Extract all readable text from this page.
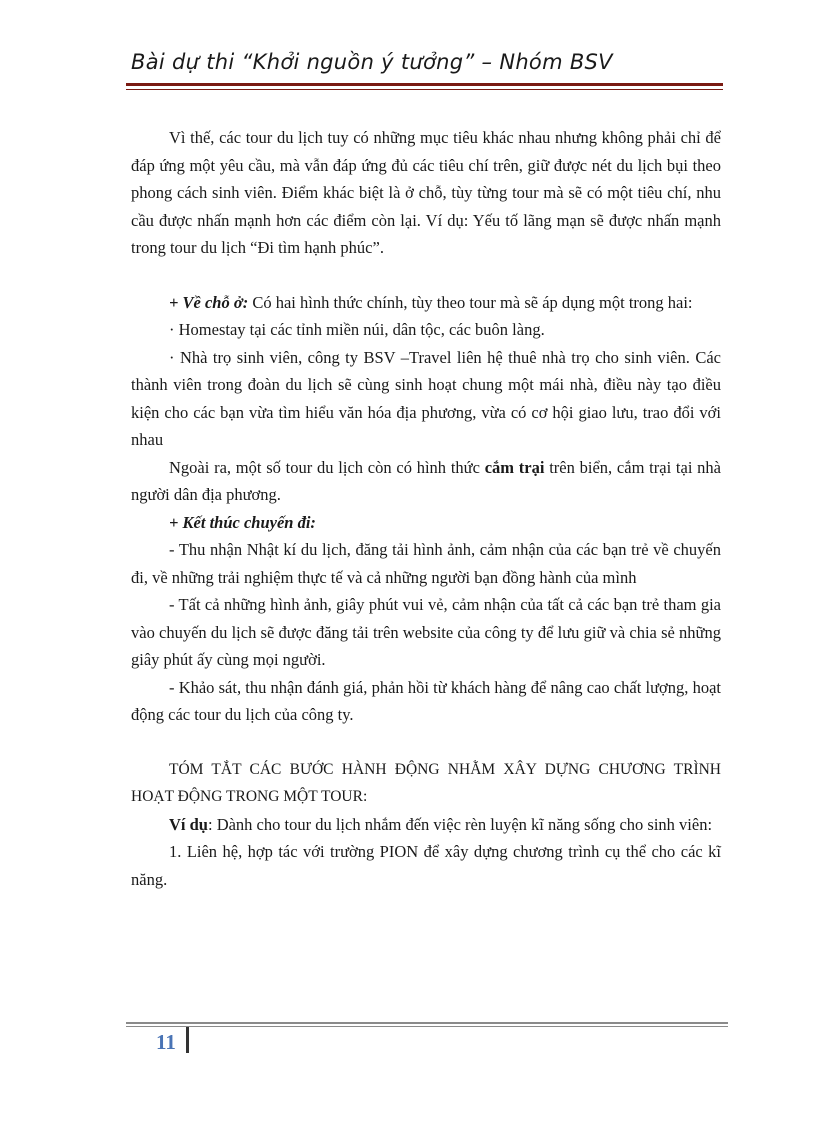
Bài dự thi “Khởi nguồn ý tưởng” – Nhóm BSV

Vì thế, các tour du lịch tuy có những mục tiêu khác nhau nhưng không phải chỉ để đáp ứng một yêu cầu, mà vẫn đáp ứng đủ các tiêu chí trên, giữ được nét du lịch bụi theo phong cách sinh viên. Điểm khác biệt là ở chỗ, tùy từng tour mà sẽ có một tiêu chí, nhu cầu được nhấn mạnh hơn các điểm còn lại. Ví dụ: Yếu tố lãng mạn sẽ được nhấn mạnh trong tour du lịch “Đi tìm hạnh phúc”.

+ Về chỗ ở: Có hai hình thức chính, tùy theo tour mà sẽ áp dụng một trong hai:

· Homestay tại các tỉnh miền núi, dân tộc, các buôn làng.

· Nhà trọ sinh viên, công ty BSV –Travel liên hệ thuê nhà trọ cho sinh viên. Các thành viên trong đoàn du lịch sẽ cùng sinh hoạt chung một mái nhà, điều này tạo điều kiện cho các bạn vừa tìm hiểu văn hóa địa phương, vừa có cơ hội giao lưu, trao đổi với nhau

Ngoài ra, một số tour du lịch còn có hình thức cắm trại trên biển, cắm trại tại nhà người dân địa phương.

+ Kết thúc chuyến đi:

- Thu nhận Nhật kí du lịch, đăng tải hình ảnh, cảm nhận của các bạn trẻ về chuyến đi, về những trải nghiệm thực tế và cả những người bạn đồng hành của mình

- Tất cả những hình ảnh, giây phút vui vẻ, cảm nhận của tất cả các bạn trẻ tham gia vào chuyến du lịch sẽ được đăng tải trên website của công ty để lưu giữ và chia sẻ những giây phút ấy cùng mọi người.

- Khảo sát, thu nhận đánh giá, phản hồi từ khách hàng để nâng cao chất lượng, hoạt động các tour du lịch của công ty.

TÓM TẮT CÁC BƯỚC HÀNH ĐỘNG NHẰM XÂY DỰNG CHƯƠNG TRÌNH HOẠT ĐỘNG TRONG MỘT TOUR:

Ví dụ: Dành cho tour du lịch nhắm đến việc rèn luyện kĩ năng sống cho sinh viên:

1. Liên hệ, hợp tác với trường PION để xây dựng chương trình cụ thể cho các kĩ năng.

11
